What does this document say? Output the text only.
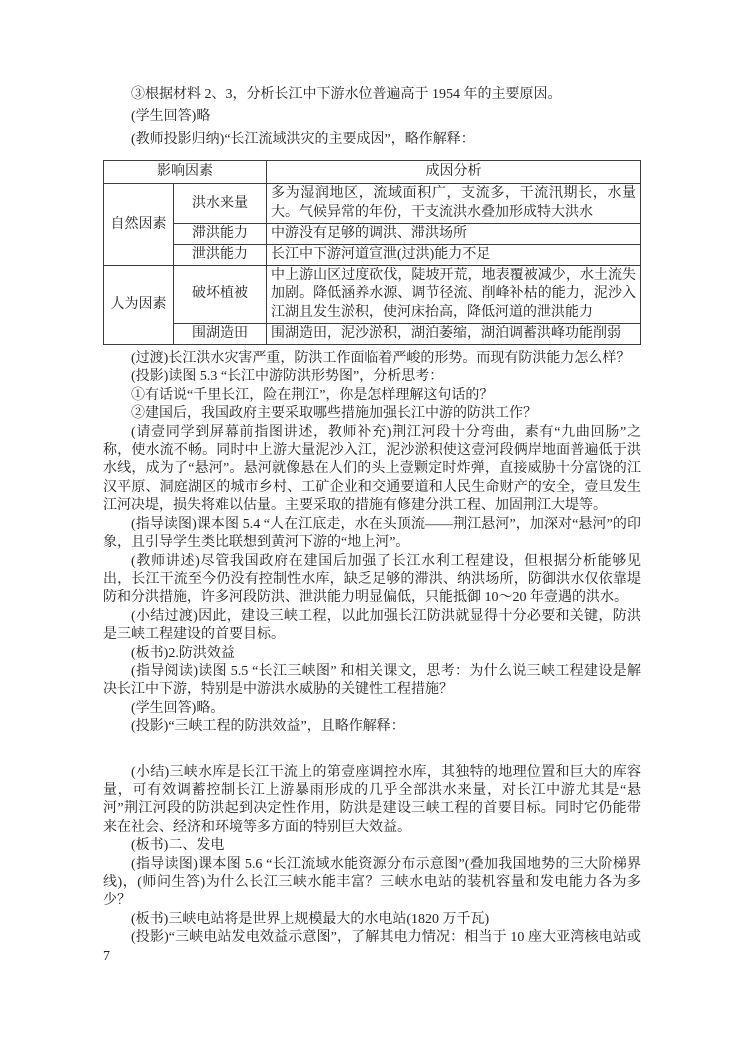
③根据材料 2、3，分析长江中下游水位普遍高于 1954 年的主要原因。

(学生回答)略

(教师投影归纳)“长江流域洪灾的主要成因”，略作解释：

影响因素		成因分析
自然因素	洪水来量	多为湿润地区，流域面积广，支流多，干流汛期长，水量大。气候异常的年份，干支流洪水叠加形成特大洪水
	滞洪能力	中游没有足够的调洪、滞洪场所
	泄洪能力	长江中下游河道宣泄(过洪)能力不足
人为因素	破坏植被	中上游山区过度砍伐，陡坡开荒，地表覆被减少，水土流失加剧。降低涵养水源、调节径流、削峰补枯的能力，泥沙入江湖且发生淤积，使河床抬高，降低河道的泄洪能力
	围湖造田	围湖造田，泥沙淤积，湖泊萎缩，湖泊调蓄洪峰功能削弱

(过渡)长江洪水灾害严重，防洪工作面临着严峻的形势。而现有防洪能力怎么样？

(投影)读图 5.3 “长江中游防洪形势图”，分析思考：

①有话说“千里长江，险在荆江”，你是怎样理解这句话的？

②建国后，我国政府主要采取哪些措施加强长江中游的防洪工作？

(请壹同学到屏幕前指图讲述，教师补充)荆江河段十分弯曲，素有“九曲回肠”之称，使水流不畅。同时中上游大量泥沙入江，泥沙淤积使这壹河段俩岸地面普遍低于洪水线，成为了“悬河”。悬河就像悬在人们的头上壹颗定时炸弹，直接威胁十分富饶的江汉平原、洞庭湖区的城市乡村、工矿企业和交通要道和人民生命财产的安全，壹旦发生江河决堤，损失将难以估量。主要采取的措施有修建分洪工程、加固荆江大堤等。

(指导读图)课本图 5.4 “人在江底走，水在头顶流——荆江悬河”，加深对“悬河”的印象，且引导学生类比联想到黄河下游的“地上河”。

(教师讲述)尽管我国政府在建国后加强了长江水利工程建设，但根据分析能够见出，长江干流至今仍没有控制性水库，缺乏足够的滞洪、纳洪场所，防御洪水仅依靠堤防和分洪措施，许多河段防洪、泄洪能力明显偏低，只能抵御 10～20 年壹遇的洪水。

(小结过渡)因此，建设三峡工程，以此加强长江防洪就显得十分必要和关键，防洪是三峡工程建设的首要目标。

(板书)2.防洪效益

(指导阅读)读图 5.5 “长江三峡图” 和相关课文，思考：为什么说三峡工程建设是解决长江中下游，特别是中游洪水威胁的关键性工程措施？

(学生回答)略。

(投影)“三峡工程的防洪效益”，且略作解释：

(小结)三峡水库是长江干流上的第壹座调控水库，其独特的地理位置和巨大的库容量，可有效调蓄控制长江上游暴雨形成的几乎全部洪水来量，对长江中游尤其是“悬河”荆江河段的防洪起到决定性作用，防洪是建设三峡工程的首要目标。同时它仍能带来在社会、经济和环境等多方面的特别巨大效益。

(板书)二、发电

(指导读图)课本图 5.6 “长江流域水能资源分布示意图”(叠加我国地势的三大阶梯界线)，(师问生答)为什么长江三峡水能丰富？三峡水电站的装机容量和发电能力各为多少？

(板书)三峡电站将是世界上规模最大的水电站(1820 万千瓦)

(投影)“三峡电站发电效益示意图”，了解其电力情况：相当于 10 座大亚湾核电站或 7
